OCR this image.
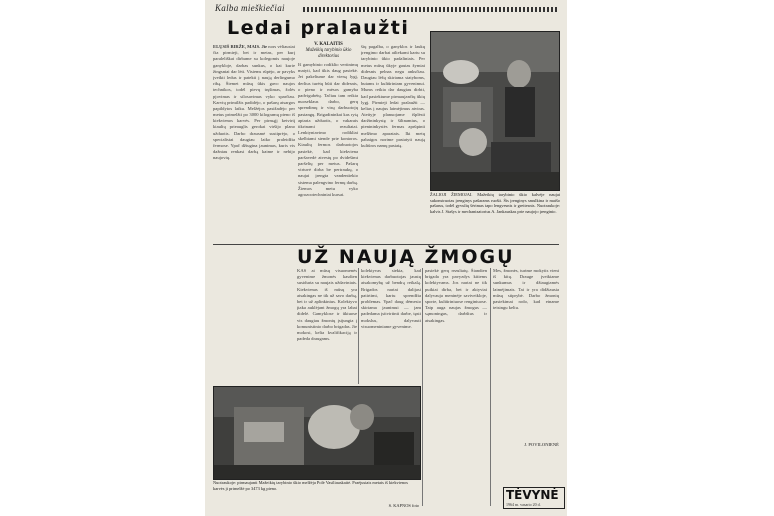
Kalba mieškiečiai
Ledai pralaužti
ELŲSIŠ BIRŽE, MAIS. Jie nors vėliausiai čia pirmieji, bet ir metas, per kurį paraleliškai dirbame su kolegomis naujoje ganykloje, darbas sunkus, o kai kurie žingsniai dar lėti. Visiems rūpėjo, ar pavyks įveikti ledus ir patekti į naują derlingumo ribą. Šiemet mūsų ūkis gavo naujos technikos, todėl pievų tręšimas, žolės pjovimas ir silosavimas vyko sparčiau. Karvių primilžis padidėjo, o pašarų atsargos papildytos laiku. Melžėjos pasižadėjo per metus primelžti po 3000 kilogramų pieno iš kiekvienos karvės. Per pirmąjį ketvirtį kiaulių prieauglis gerokai viršijo plano užduotis. Darbo drausmė sustiprėjo, o specialistai daugiau laiko praleidžia fermose. Ypač džiugina jaunimas, kuris vis dažniau renkasi darbą kaime ir nebijo naujovių.
V. KALAITIS
Mažeikių tarybinio ūkio direktorius
Iš gamybinio rodiklio vertinimų matyti, kad ūkis daug pasiekė. Jei pakeltume dar vieną lygį, derlius turėtų būti dar didesnis, o pieno ir mėsos gamyba padvigubėtų. Tačiau tam reikia nuoseklaus darbo, gerų sprendimų ir visų darbuotojų pastangų. Brigadininkai kas rytą aptaria užduotis, o vakarais tikrinami rezultatai. Lenktyniavimo rodikliai skelbiami stende prie kontoros. Kiaulių fermos darbuotojos pasiekė, kad kiekviena paršavedė atvestų po dvidešimt paršelių per metus. Pašarų virtuvė dirba be pertraukų, o naujai įrengta vandentiekio sistema palengvino fermų darbą. Žiemos metu vyko agrozootechniniai kursai.
šių pagalba, o ganyklos ir laukų įrengimo darbai atliekami kartu su tarybinio ūkio padaliniais. Per metus mūsų ūkyje gautas žymiai didesnis pelnas negu anksčiau. Daugiau lėšų skiriama statyboms, butams ir kultūriniam gyvenimui. Mums reikia dar daugiau dirbti, kad pasiektume pirmaujančių ūkių lygį. Pirmieji ledai pralaužti — kelias į naujus laimėjimus atviras. Ateityje planuojame išplėsti daržininkystę ir šiltnamius, o pienininkystės fermas aprūpinti melžimo aparatais. Iki metų pabaigos norime pastatyti naują kultūros namų pastatą.
ŽALIOJI ŽIEMOJAI. Mažeikių tarybinio ūkio kalvėje naujai sukonstruotas įrenginys pašarams ruošti. Šis įrenginys smulkina ir maišo pašarus, todėl gyvulių šėrimas tapo lengvesnis ir greitesnis. Nuotraukoje: kalvis J. Stašys ir mechanizatorius A. Jankauskas prie naujojo įrenginio.
UŽ NAUJĄ ŽMOGŲ
KAS ai mūsų visuomenės gyvenime žmonės kasdien susiduria su naujais uždaviniais. Kiekvienas iš mūsų yra atsakingas ne tik už savo darbą, bet ir už aplinkinius. Kolektyvo įtaka auklėjant žmogų yra labai didelė. Gamyklose ir ūkiuose vis daugiau žmonių įsijungia į komunistinio darbo brigadas. Jie mokosi, kelia kvalifikaciją ir padeda draugams.
kolektyvas siekia, kad kiekvienas darbuotojas jaustų atsakomybę už bendrą reikalą. Brigados nariai dalijasi patirtimi, kartu sprendžia problemas. Ypač daug dėmesio skiriama jaunimui — jam padedama įsitvirtinti darbe, tęsti mokslus, dalyvauti visuomeniniame gyvenime.
pasiekė gerų rezultatų. Šiandien brigada yra pavyzdys kitiems kolektyvams. Jos nariai ne tik puikiai dirba, bet ir aktyviai dalyvauja meninėje saviveikloje, sporte, kultūriniuose renginiuose. Taip auga naujas žmogus — sąmoningas, darbštus ir atsakingas.
Mes, žmonės, turime mokytis vieni iš kitų. Drauge įveikiame sunkumus ir džiaugiamės laimėjimais. Tai ir yra didžiausia mūsų stiprybė. Darbo žmonių pasiekimai rodo, kad einame teisingu keliu.
J. POVILONIENĖ
Nuotraukoje: pirmaujanti Mažeikių tarybinio ūkio melžėja Polė Vasiliauskaitė. Praėjusiais metais iš kiekvienos karvės ji primelžė po 3473 kg pieno.
S. KAPNOS foto
TĖVYNĖ
1964 m. vasario 20 d.
